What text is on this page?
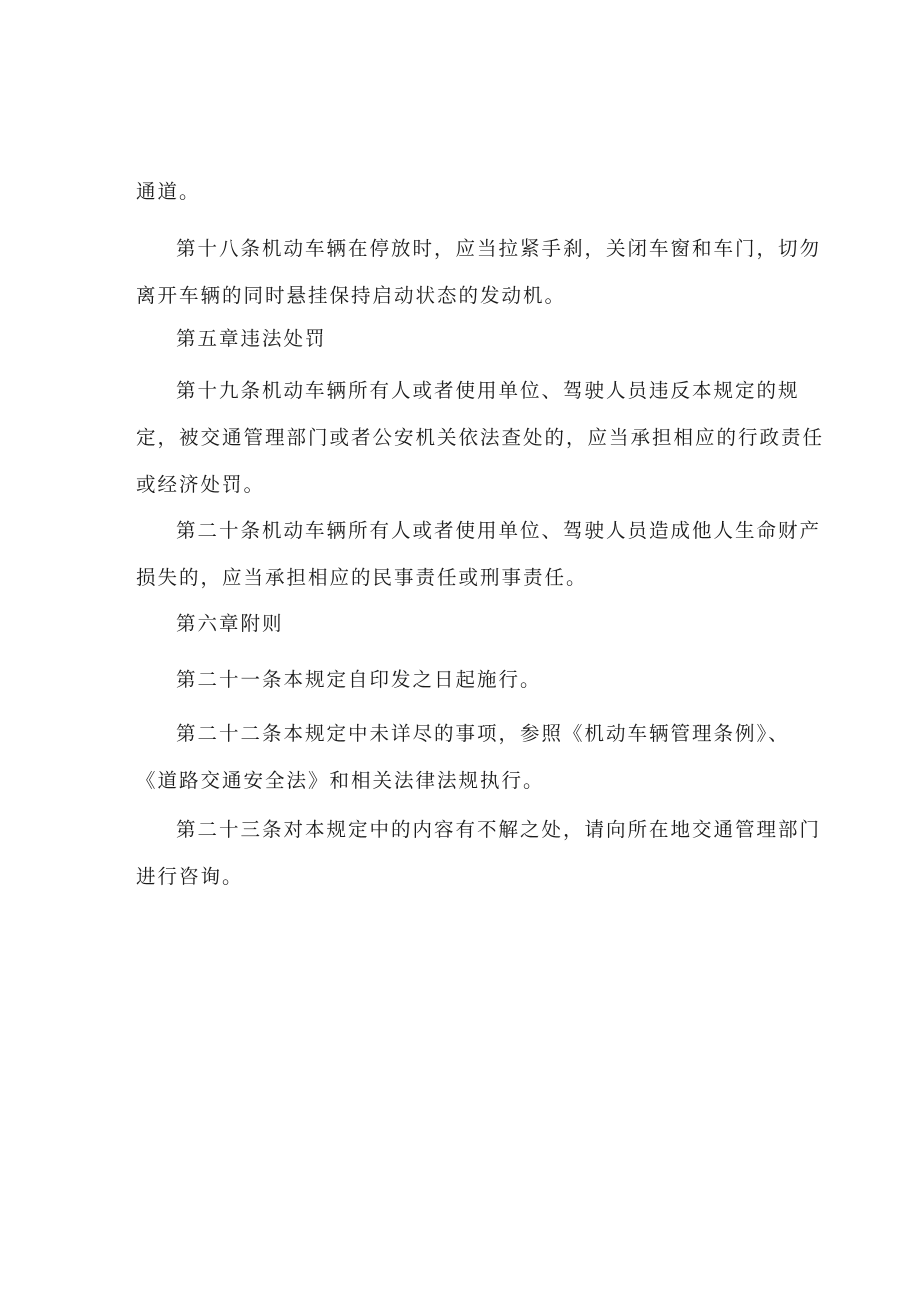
通道。

第十八条机动车辆在停放时，应当拉紧手刹，关闭车窗和车门，切勿
离开车辆的同时悬挂保持启动状态的发动机。

第五章违法处罚

第十九条机动车辆所有人或者使用单位、驾驶人员违反本规定的规
定，被交通管理部门或者公安机关依法查处的，应当承担相应的行政责任
或经济处罚。

第二十条机动车辆所有人或者使用单位、驾驶人员造成他人生命财产
损失的，应当承担相应的民事责任或刑事责任。

第六章附则

第二十一条本规定自印发之日起施行。

第二十二条本规定中未详尽的事项，参照《机动车辆管理条例》、
《道路交通安全法》和相关法律法规执行。

第二十三条对本规定中的内容有不解之处，请向所在地交通管理部门
进行咨询。
